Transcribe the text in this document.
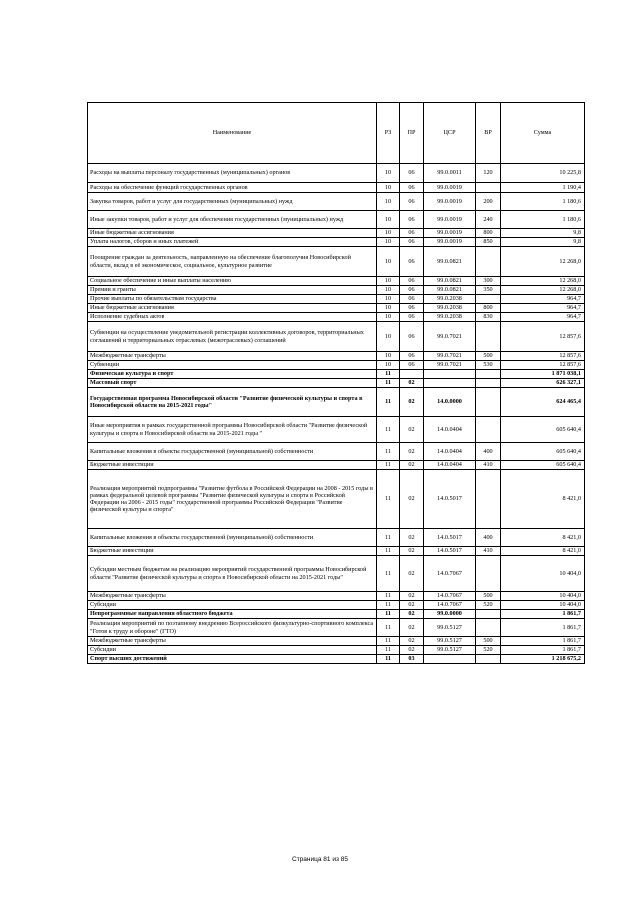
Наименование	РЗ	ПР	ЦСР	ВР	Сумма
Расходы на выплаты персоналу государственных (муниципальных) органов	10	06	99.0.0011	120	10 225,8
Расходы на обеспечение функций государственных органов	10	06	99.0.0019		1 190,4
Закупка товаров, работ и услуг для государственных (муниципальных) нужд	10	06	99.0.0019	200	1 180,6
Иные закупки товаров, работ и услуг для обеспечения государственных (муниципальных) нужд	10	06	99.0.0019	240	1 180,6
Иные бюджетные ассигнования	10	06	99.0.0019	800	9,8
Уплата налогов, сборов и иных платежей	10	06	99.0.0019	850	9,8
Поощрение граждан за деятельность, направленную на обеспечение благополучия Новосибирской области, вклад в её экономическое, социальное, культурное развитие	10	06	99.0.0821		12 268,0
Социальное обеспечение и иные выплаты населению	10	06	99.0.0821	300	12 268,0
Премии и гранты	10	06	99.0.0821	350	12 268,0
Прочие выплаты по обязательствам государства	10	06	99.0.2038		964,7
Иные бюджетные ассигнования	10	06	99.0.2038	800	964,7
Исполнение судебных актов	10	06	99.0.2038	830	964,7
Субвенции на осуществление уведомительной регистрации коллективных договоров, территориальных соглашений и территориальных отраслевых (межотраслевых) соглашений	10	06	99.0.7021		12 857,6
Межбюджетные трансферты	10	06	99.0.7021	500	12 857,6
Субвенции	10	06	99.0.7021	530	12 857,6
Физическая культура и спорт	11				1 871 038,1
Массовый спорт	11	02			626 327,1
Государственная программа Новосибирской области "Развитие физической культуры и спорта в Новосибирской области на 2015-2021 годы"	11	02	14.0.0000		624 465,4
Иные мероприятия в рамках государственной программы Новосибирской области "Развитие физической культуры и спорта в Новосибирской области на 2015-2021 годы "	11	02	14.0.0404		605 640,4
Капитальные вложения в объекты государственной (муниципальной) собственности	11	02	14.0.0404	400	605 640,4
Бюджетные инвестиции	11	02	14.0.0404	410	605 640,4
Реализация мероприятий подпрограммы "Развитие футбола в Российской Федерации на 2008 - 2015 годы в рамках федеральной целевой программы "Развитие физической культуры и спорта в Российской Федерации на 2006 - 2015 годы" государственной программы Российской Федерации "Развитие физической культуры и спорта"	11	02	14.0.5017		8 421,0
Капитальные вложения в объекты государственной (муниципальной) собственности	11	02	14.0.5017	400	8 421,0
Бюджетные инвестиции	11	02	14.0.5017	410	8 421,0
Субсидии местным бюджетам на реализацию мероприятий государственной программы Новосибирской области "Развитие физической культуры и спорта в Новосибирской области на 2015-2021 годы"	11	02	14.0.7067		10 404,0
Межбюджетные трансферты	11	02	14.0.7067	500	10 404,0
Субсидии	11	02	14.0.7067	520	10 404,0
Непрограммные направления областного бюджета	11	02	99.0.0000		1 861,7
Реализация мероприятий по поэтапному внедрению Всероссийского физкультурно-спортивного комплекса "Готов к труду и обороне" (ГТО)	11	02	99.0.5127		1 861,7
Межбюджетные трансферты	11	02	99.0.5127	500	1 861,7
Субсидии	11	02	99.0.5127	520	1 861,7
Спорт высших достижений	11	03			1 218 675,2
Страница 81 из 85
